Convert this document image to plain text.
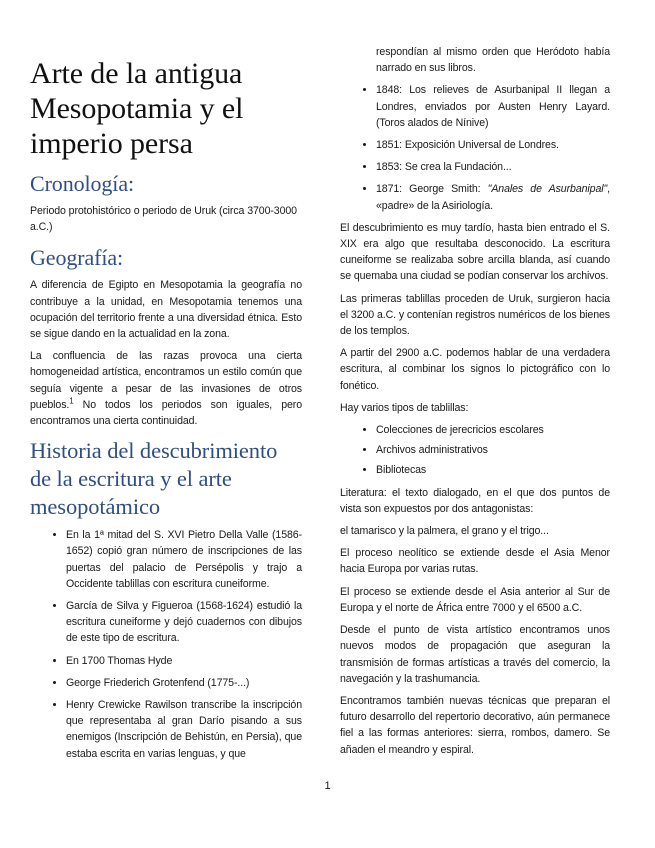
Arte de la antigua Mesopotamia y el imperio persa
Cronología:

Periodo protohistórico o periodo de Uruk (circa 3700-3000 a.C.)

Geografía:

A diferencia de Egipto en Mesopotamia la geografía no contribuye a la unidad, en Mesopotamia tenemos una ocupación del territorio frente a una diversidad étnica. Esto se sigue dando en la actualidad en la zona.

La confluencia de las razas provoca una cierta homogeneidad artística, encontramos un estilo común que seguía vigente a pesar de las invasiones de otros pueblos.$^1$ No todos los periodos son iguales, pero encontramos una cierta continuidad.

Historia del descubrimiento de la escritura y el arte mesopotámico
• En la 1ª mitad del S. XVI Pietro Della Valle (1586-1652) copió gran número de inscripciones de las puertas del palacio de Persépolis y trajo a Occidente tablillas con escritura cuneiforme.
• García de Silva y Figueroa (1568-1624) estudió la escritura cuneiforme y dejó cuadernos con dibujos de este tipo de escritura.
• En 1700 Thomas Hyde
• George Friederich Grotenfend (1775-...)
• Henry Crewicke Rawilson transcribe la inscripción que representaba al gran Darío pisando a sus enemigos (Inscripción de Behistún, en Persia), que estaba escrita en varias lenguas, y que
respondían al mismo orden que Heródoto había narrado en sus libros.
• 1848: Los relieves de Asurbanipal II llegan a Londres, enviados por Austen Henry Layard. (Toros alados de Nínive)
• 1851: Exposición Universal de Londres.
• 1853: Se crea la Fundación...
• 1871: George Smith: "Anales de Asurbanipal", «padre» de la Asiriología.

El descubrimiento es muy tardío, hasta bien entrado el S. XIX era algo que resultaba desconocido. La escritura cuneiforme se realizaba sobre arcilla blanda, así cuando se quemaba una ciudad se podían conservar los archivos.

Las primeras tablillas proceden de Uruk, surgieron hacia el 3200 a.C. y contenían registros numéricos de los bienes de los templos.

A partir del 2900 a.C. podemos hablar de una verdadera escritura, al combinar los signos lo pictográfico con lo fonético.

Hay varios tipos de tablillas:

• Colecciones de jerecricios escolares
• Archivos administrativos
• Bibliotecas

Literatura: el texto dialogado, en el que dos puntos de vista son expuestos por dos antagonistas:

el tamarisco y la palmera, el grano y el trigo...

El proceso neolítico se extiende desde el Asia Menor hacia Europa por varias rutas.

El proceso se extiende desde el Asia anterior al Sur de Europa y el norte de África entre 7000 y el 6500 a.C.

Desde el punto de vista artístico encontramos unos nuevos modos de propagación que aseguran la transmisión de formas artísticas a través del comercio, la navegación y la trashumancia.

Encontramos también nuevas técnicas que preparan el futuro desarrollo del repertorio decorativo, aún permanece fiel a las formas anteriores: sierra, rombos, damero. Se añaden el meandro y espiral.

1
